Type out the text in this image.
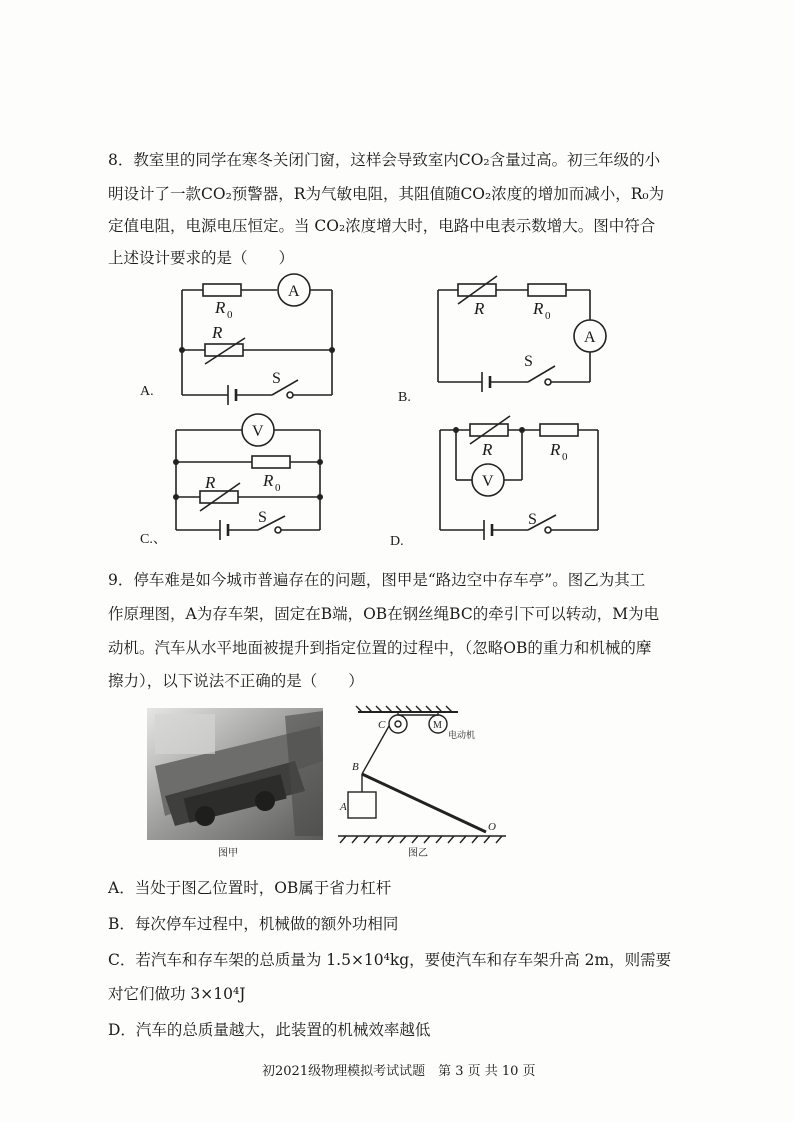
8．教室里的同学在寒冬关闭门窗，这样会导致室内CO₂含量过高。初三年级的小
明设计了一款CO₂预警器，R为气敏电阻，其阻值随CO₂浓度的增加而减小，R₀为
定值电阻，电源电压恒定。当 CO₂浓度增大时，电路中电表示数增大。图中符合
上述设计要求的是（　　）
A.	B.
C.、	D.
R 0
A
R
S
R	R 0
A
S
V
R 0
R
S
R	R 0
V
S
9．停车难是如今城市普遍存在的问题，图甲是“路边空中存车亭”。图乙为其工
作原理图，A为存车架，固定在B端，OB在钢丝绳BC的牵引下可以转动，M为电
动机。汽车从水平地面被提升到指定位置的过程中，（忽略OB的重力和机械的摩
擦力），以下说法不正确的是（　　）
图甲
C	M
电动机
B
A
O
图乙
A．当处于图乙位置时，OB属于省力杠杆
B．每次停车过程中，机械做的额外功相同
C．若汽车和存车架的总质量为 1.5×10⁴kg，要使汽车和存车架升高 2m，则需要
对它们做功 3×10⁴J
D．汽车的总质量越大，此装置的机械效率越低
初2021级物理模拟考试试题　第 3 页 共 10 页
